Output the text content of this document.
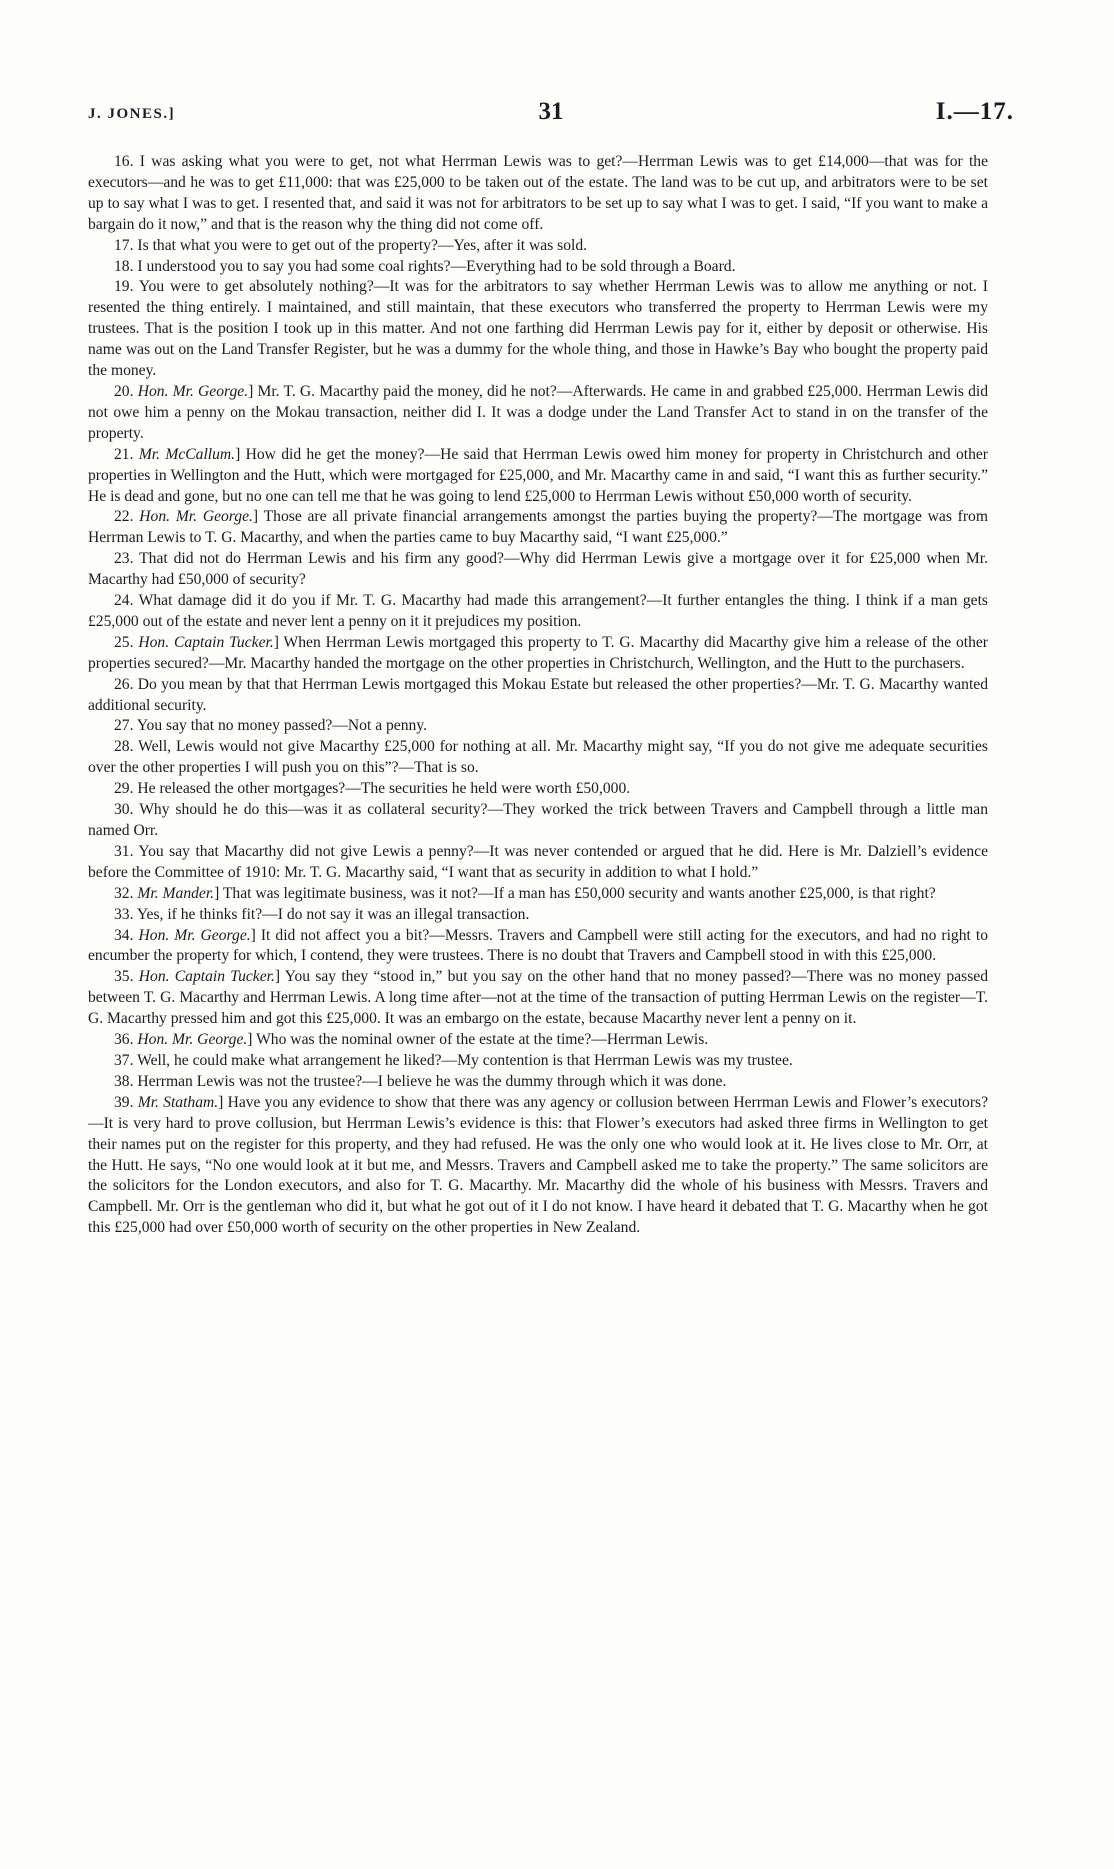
J. JONES.]	31	I.—17.

16. I was asking what you were to get, not what Herrman Lewis was to get?—Herrman Lewis was to get £14,000—that was for the executors—and he was to get £11,000: that was £25,000 to be taken out of the estate. The land was to be cut up, and arbitrators were to be set up to say what I was to get. I resented that, and said it was not for arbitrators to be set up to say what I was to get. I said, “If you want to make a bargain do it now,” and that is the reason why the thing did not come off.

17. Is that what you were to get out of the property?—Yes, after it was sold.

18. I understood you to say you had some coal rights?—Everything had to be sold through a Board.

19. You were to get absolutely nothing?—It was for the arbitrators to say whether Herrman Lewis was to allow me anything or not. I resented the thing entirely. I maintained, and still maintain, that these executors who transferred the property to Herrman Lewis were my trustees. That is the position I took up in this matter. And not one farthing did Herrman Lewis pay for it, either by deposit or otherwise. His name was out on the Land Transfer Register, but he was a dummy for the whole thing, and those in Hawke’s Bay who bought the property paid the money.

20. Hon. Mr. George.] Mr. T. G. Macarthy paid the money, did he not?—Afterwards. He came in and grabbed £25,000. Herrman Lewis did not owe him a penny on the Mokau transaction, neither did I. It was a dodge under the Land Transfer Act to stand in on the transfer of the property.

21. Mr. McCallum.] How did he get the money?—He said that Herrman Lewis owed him money for property in Christchurch and other properties in Wellington and the Hutt, which were mortgaged for £25,000, and Mr. Macarthy came in and said, “I want this as further security.” He is dead and gone, but no one can tell me that he was going to lend £25,000 to Herrman Lewis without £50,000 worth of security.

22. Hon. Mr. George.] Those are all private financial arrangements amongst the parties buying the property?—The mortgage was from Herrman Lewis to T. G. Macarthy, and when the parties came to buy Macarthy said, “I want £25,000.”

23. That did not do Herrman Lewis and his firm any good?—Why did Herrman Lewis give a mortgage over it for £25,000 when Mr. Macarthy had £50,000 of security?

24. What damage did it do you if Mr. T. G. Macarthy had made this arrangement?—It further entangles the thing. I think if a man gets £25,000 out of the estate and never lent a penny on it it prejudices my position.

25. Hon. Captain Tucker.] When Herrman Lewis mortgaged this property to T. G. Macarthy did Macarthy give him a release of the other properties secured?—Mr. Macarthy handed the mortgage on the other properties in Christchurch, Wellington, and the Hutt to the purchasers.

26. Do you mean by that that Herrman Lewis mortgaged this Mokau Estate but released the other properties?—Mr. T. G. Macarthy wanted additional security.

27. You say that no money passed?—Not a penny.

28. Well, Lewis would not give Macarthy £25,000 for nothing at all. Mr. Macarthy might say, “If you do not give me adequate securities over the other properties I will push you on this”?—That is so.

29. He released the other mortgages?—The securities he held were worth £50,000.

30. Why should he do this—was it as collateral security?—They worked the trick between Travers and Campbell through a little man named Orr.

31. You say that Macarthy did not give Lewis a penny?—It was never contended or argued that he did. Here is Mr. Dalziell’s evidence before the Committee of 1910: Mr. T. G. Macarthy said, “I want that as security in addition to what I hold.”

32. Mr. Mander.] That was legitimate business, was it not?—If a man has £50,000 security and wants another £25,000, is that right?

33. Yes, if he thinks fit?—I do not say it was an illegal transaction.

34. Hon. Mr. George.] It did not affect you a bit?—Messrs. Travers and Campbell were still acting for the executors, and had no right to encumber the property for which, I contend, they were trustees. There is no doubt that Travers and Campbell stood in with this £25,000.

35. Hon. Captain Tucker.] You say they “stood in,” but you say on the other hand that no money passed?—There was no money passed between T. G. Macarthy and Herrman Lewis. A long time after—not at the time of the transaction of putting Herrman Lewis on the register—T. G. Macarthy pressed him and got this £25,000. It was an embargo on the estate, because Macarthy never lent a penny on it.

36. Hon. Mr. George.] Who was the nominal owner of the estate at the time?—Herrman Lewis.

37. Well, he could make what arrangement he liked?—My contention is that Herrman Lewis was my trustee.

38. Herrman Lewis was not the trustee?—I believe he was the dummy through which it was done.

39. Mr. Statham.] Have you any evidence to show that there was any agency or collusion between Herrman Lewis and Flower’s executors?—It is very hard to prove collusion, but Herrman Lewis’s evidence is this: that Flower’s executors had asked three firms in Wellington to get their names put on the register for this property, and they had refused. He was the only one who would look at it. He lives close to Mr. Orr, at the Hutt. He says, “No one would look at it but me, and Messrs. Travers and Campbell asked me to take the property.” The same solicitors are the solicitors for the London executors, and also for T. G. Macarthy. Mr. Macarthy did the whole of his business with Messrs. Travers and Campbell. Mr. Orr is the gentleman who did it, but what he got out of it I do not know. I have heard it debated that T. G. Macarthy when he got this £25,000 had over £50,000 worth of security on the other properties in New Zealand.
